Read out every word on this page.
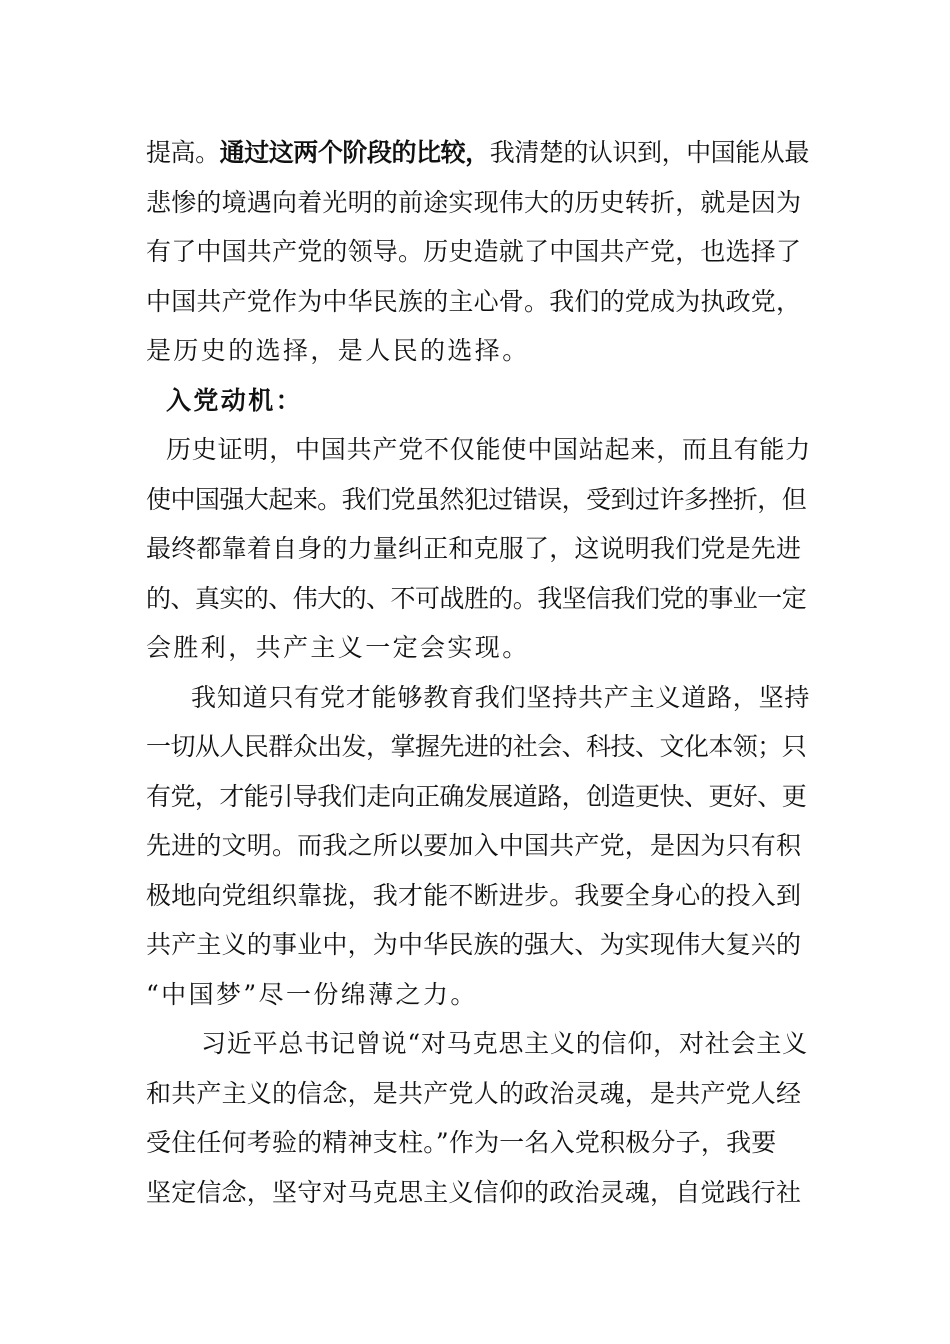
提高。通过这两个阶段的比较，我清楚的认识到，中国能从最
悲惨的境遇向着光明的前途实现伟大的历史转折，就是因为
有了中国共产党的领导。历史造就了中国共产党，也选择了
中国共产党作为中华民族的主心骨。我们的党成为执政党，
是历史的选择，是人民的选择。
入党动机：
历史证明，中国共产党不仅能使中国站起来，而且有能力
使中国强大起来。我们党虽然犯过错误，受到过许多挫折，但
最终都靠着自身的力量纠正和克服了，这说明我们党是先进
的、真实的、伟大的、不可战胜的。我坚信我们党的事业一定
会胜利，共产主义一定会实现。
我知道只有党才能够教育我们坚持共产主义道路，坚持
一切从人民群众出发，掌握先进的社会、科技、文化本领；只
有党，才能引导我们走向正确发展道路，创造更快、更好、更
先进的文明。而我之所以要加入中国共产党，是因为只有积
极地向党组织靠拢，我才能不断进步。我要全身心的投入到
共产主义的事业中，为中华民族的强大、为实现伟大复兴的
“中国梦”尽一份绵薄之力。
习近平总书记曾说“对马克思主义的信仰，对社会主义
和共产主义的信念，是共产党人的政治灵魂，是共产党人经
受住任何考验的精神支柱。”作为一名入党积极分子，我要
坚定信念，坚守对马克思主义信仰的政治灵魂，自觉践行社
